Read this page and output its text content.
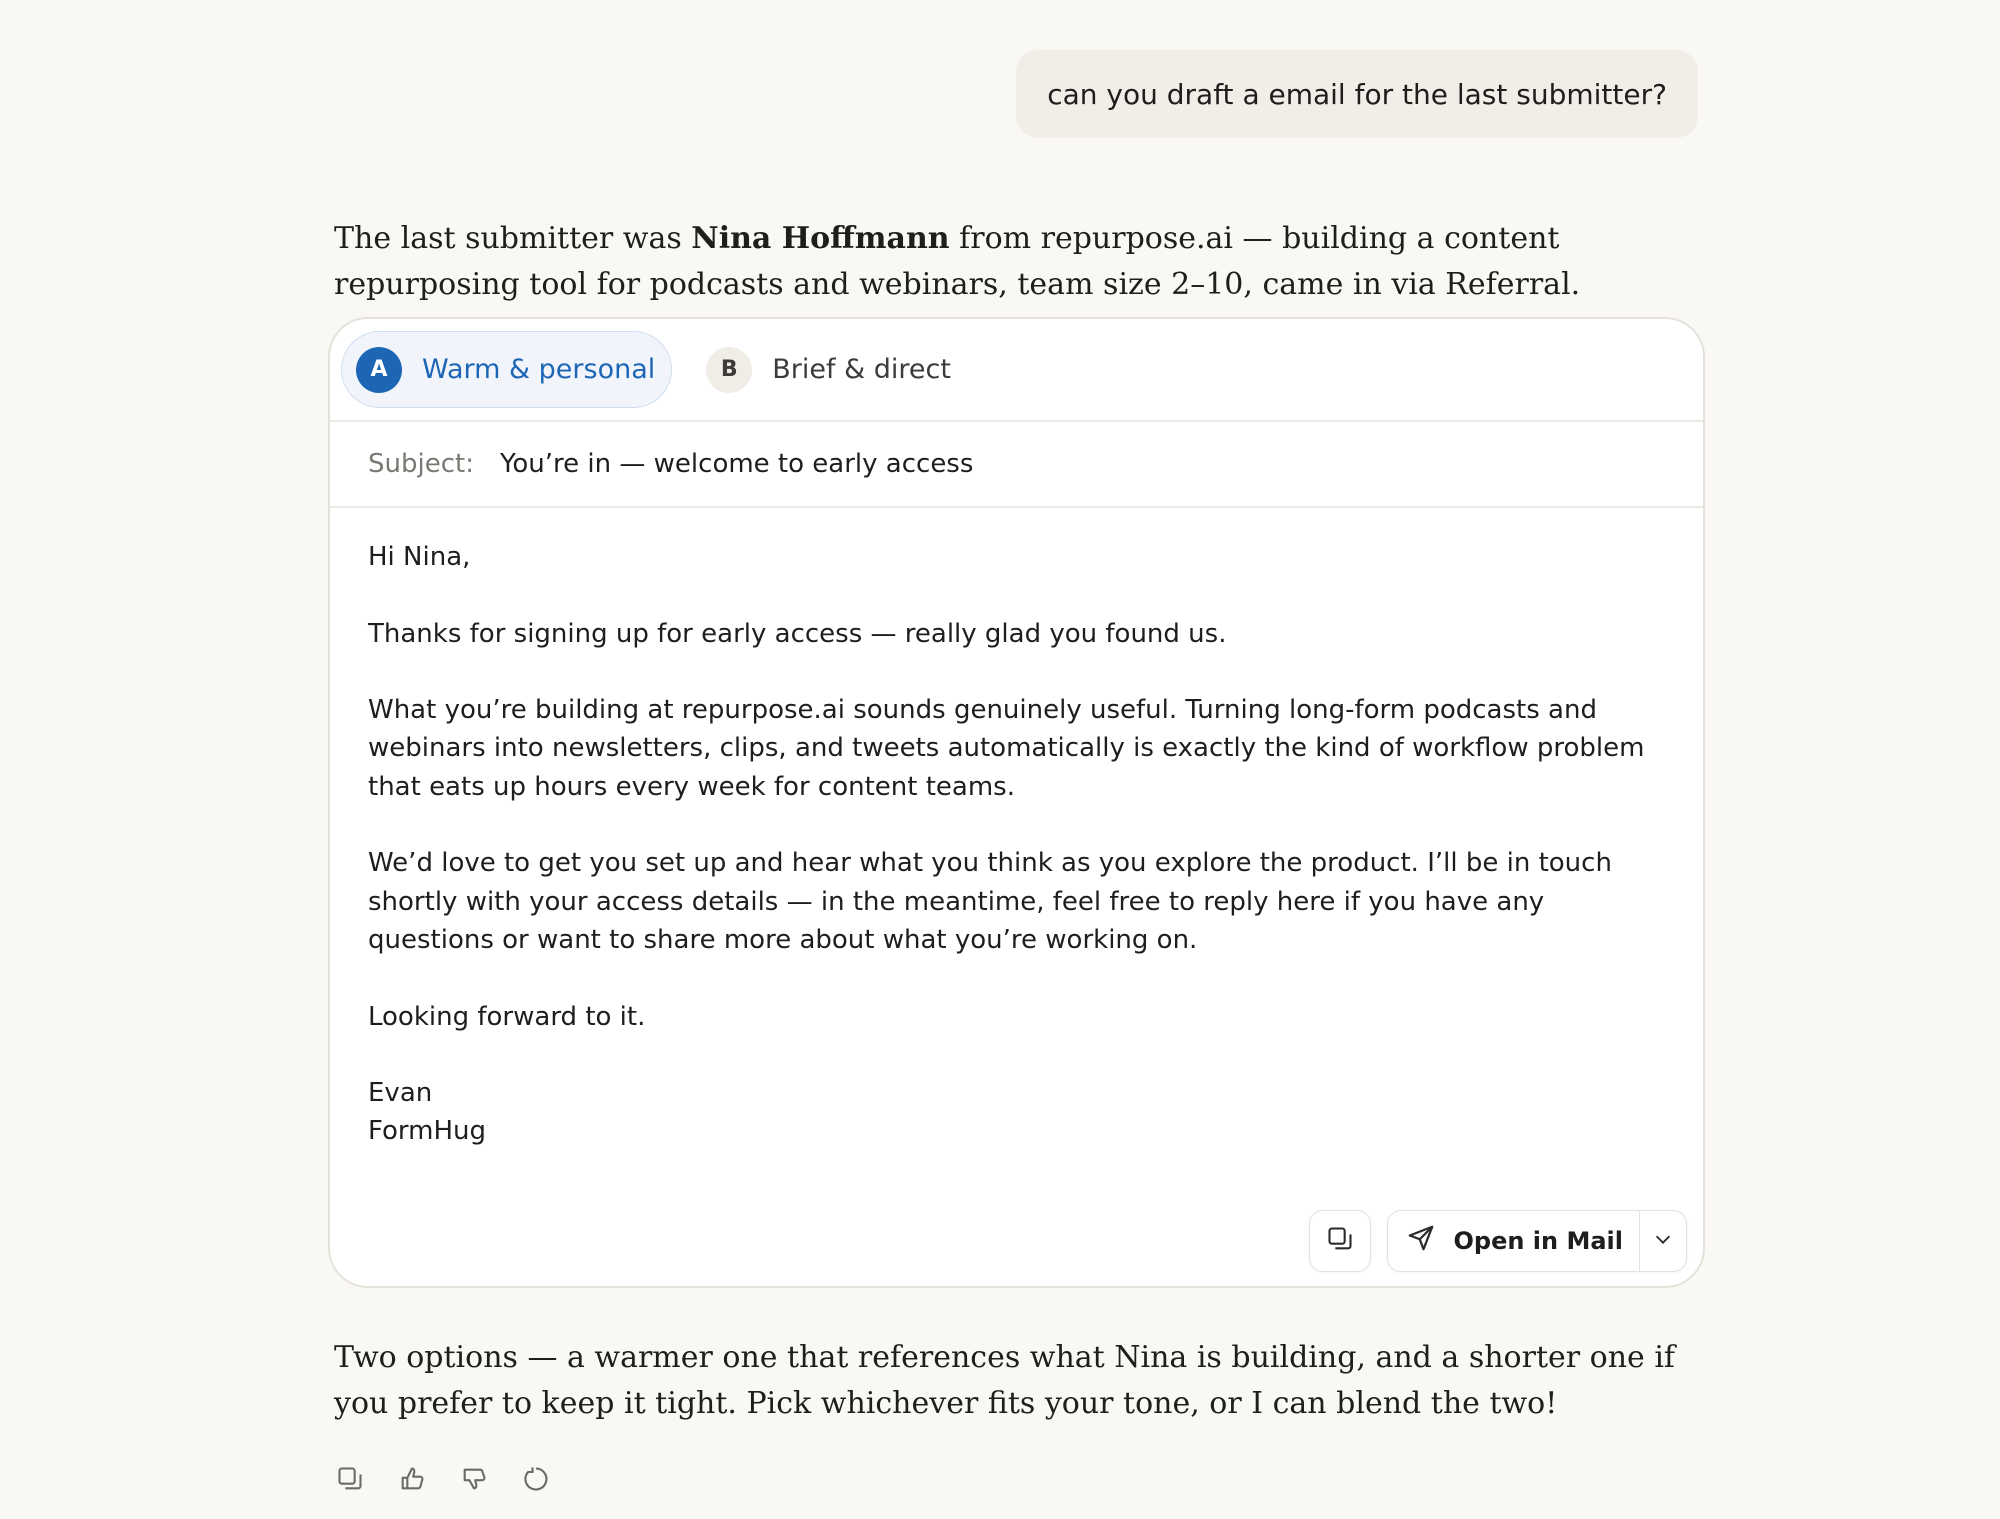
can you draft a email for the last submitter?
The last submitter was Nina Hoffmann from repurpose.ai — building a content repurposing tool for podcasts and webinars, team size 2–10, came in via Referral.
A	Warm & personal	B	Brief & direct
Subject: You’re in — welcome to early access

Hi Nina,

Thanks for signing up for early access — really glad you found us.

What you’re building at repurpose.ai sounds genuinely useful. Turning long-form podcasts and webinars into newsletters, clips, and tweets automatically is exactly the kind of workflow problem that eats up hours every week for content teams.

We’d love to get you set up and hear what you think as you explore the product. I’ll be in touch shortly with your access details — in the meantime, feel free to reply here if you have any questions or want to share more about what you’re working on.

Looking forward to it.

Evan
FormHug
Open in Mail
Two options — a warmer one that references what Nina is building, and a shorter one if you prefer to keep it tight. Pick whichever fits your tone, or I can blend the two!
